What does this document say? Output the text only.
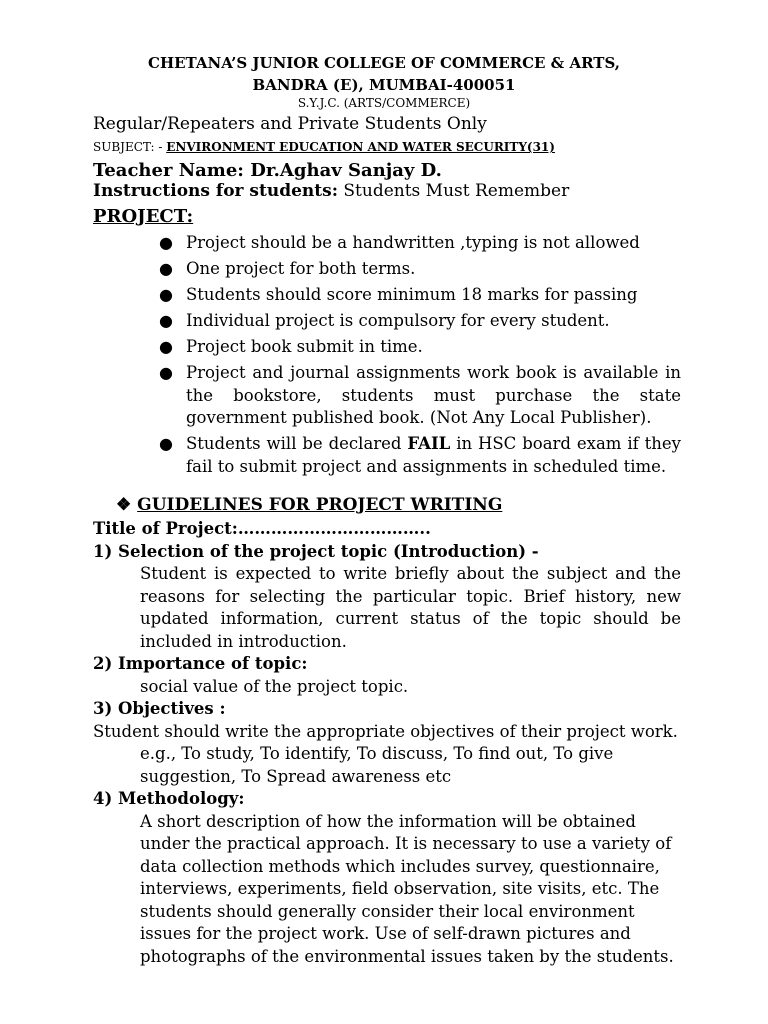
CHETANA’S JUNIOR COLLEGE OF COMMERCE & ARTS,
BANDRA (E), MUMBAI-400051
S.Y.J.C. (ARTS/COMMERCE)
Regular/Repeaters and Private Students Only
SUBJECT: - ENVIRONMENT EDUCATION AND WATER SECURITY(31)
Teacher Name: Dr.Aghav Sanjay D.
Instructions for students: Students Must Remember
PROJECT:
● Project should be a handwritten ,typing is not allowed
● One project for both terms.
● Students should score minimum 18 marks for passing
● Individual project is compulsory for every student.
● Project book submit in time.
● Project and journal assignments work book is available in the bookstore, students must purchase the state government published book. (Not Any Local Publisher).
● Students will be declared FAIL in HSC board exam if they fail to submit project and assignments in scheduled time.
❖ GUIDELINES FOR PROJECT WRITING
Title of Project:……………………………..
1) Selection of the project topic (Introduction) -
Student is expected to write briefly about the subject and the reasons for selecting the particular topic. Brief history, new updated information, current status of the topic should be included in introduction.
2) Importance of topic:
social value of the project topic.
3) Objectives :
Student should write the appropriate objectives of their project work.
e.g., To study, To identify, To discuss, To find out, To give suggestion, To Spread awareness etc
4) Methodology:
A short description of how the information will be obtained under the practical approach. It is necessary to use a variety of data collection methods which includes survey, questionnaire, interviews, experiments, field observation, site visits, etc. The students should generally consider their local environment issues for the project work. Use of self-drawn pictures and photographs of the environmental issues taken by the students.
